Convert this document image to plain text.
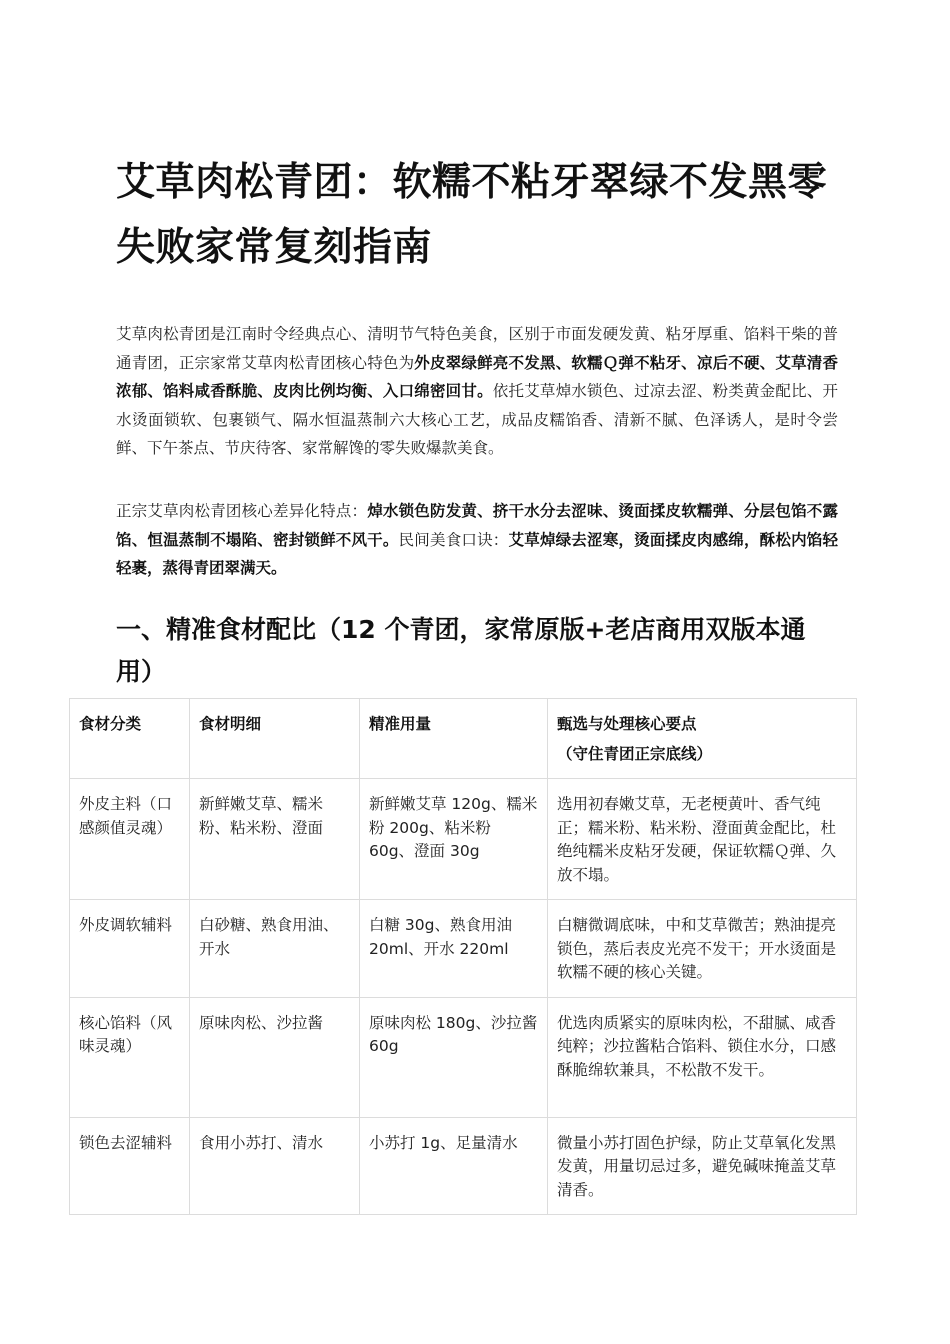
艾草肉松青团：软糯不粘牙翠绿不发黑零失败家常复刻指南

艾草肉松青团是江南时令经典点心、清明节气特色美食，区别于市面发硬发黄、粘牙厚重、馅料干柴的普通青团，正宗家常艾草肉松青团核心特色为外皮翠绿鲜亮不发黑、软糯Ｑ弹不粘牙、凉后不硬、艾草清香浓郁、馅料咸香酥脆、皮肉比例均衡、入口绵密回甘。依托艾草焯水锁色、过凉去涩、粉类黄金配比、开水烫面锁软、包裹锁气、隔水恒温蒸制六大核心工艺，成品皮糯馅香、清新不腻、色泽诱人，是时令尝鲜、下午茶点、节庆待客、家常解馋的零失败爆款美食。

正宗艾草肉松青团核心差异化特点：焯水锁色防发黄、挤干水分去涩味、烫面揉皮软糯弹、分层包馅不露馅、恒温蒸制不塌陷、密封锁鲜不风干。民间美食口诀：艾草焯绿去涩寒，烫面揉皮肉感绵，酥松内馅轻轻裹，蒸得青团翠满天。

一、精准食材配比（12 个青团，家常原版+老店商用双版本通用）
食材分类	食材明细	精准用量	甄选与处理核心要点
（守住青团正宗底线）

外皮主料（口感颜值灵魂）	新鲜嫩艾草、糯米粉、粘米粉、澄面	新鲜嫩艾草 120g、糯米粉 200g、粘米粉 60g、澄面 30g	选用初春嫩艾草，无老梗黄叶、香气纯正；糯米粉、粘米粉、澄面黄金配比，杜绝纯糯米皮粘牙发硬，保证软糯Ｑ弹、久放不塌。
外皮调软辅料	白砂糖、熟食用油、开水	白糖 30g、熟食用油 20ml、开水 220ml	白糖微调底味，中和艾草微苦；熟油提亮锁色，蒸后表皮光亮不发干；开水烫面是软糯不硬的核心关键。
核心馅料（风味灵魂）	原味肉松、沙拉酱	原味肉松 180g、沙拉酱 60g	优选肉质紧实的原味肉松，不甜腻、咸香纯粹；沙拉酱粘合馅料、锁住水分，口感酥脆绵软兼具，不松散不发干。
锁色去涩辅料	食用小苏打、清水	小苏打 1g、足量清水	微量小苏打固色护绿，防止艾草氧化发黑发黄，用量切忌过多，避免碱味掩盖艾草清香。
